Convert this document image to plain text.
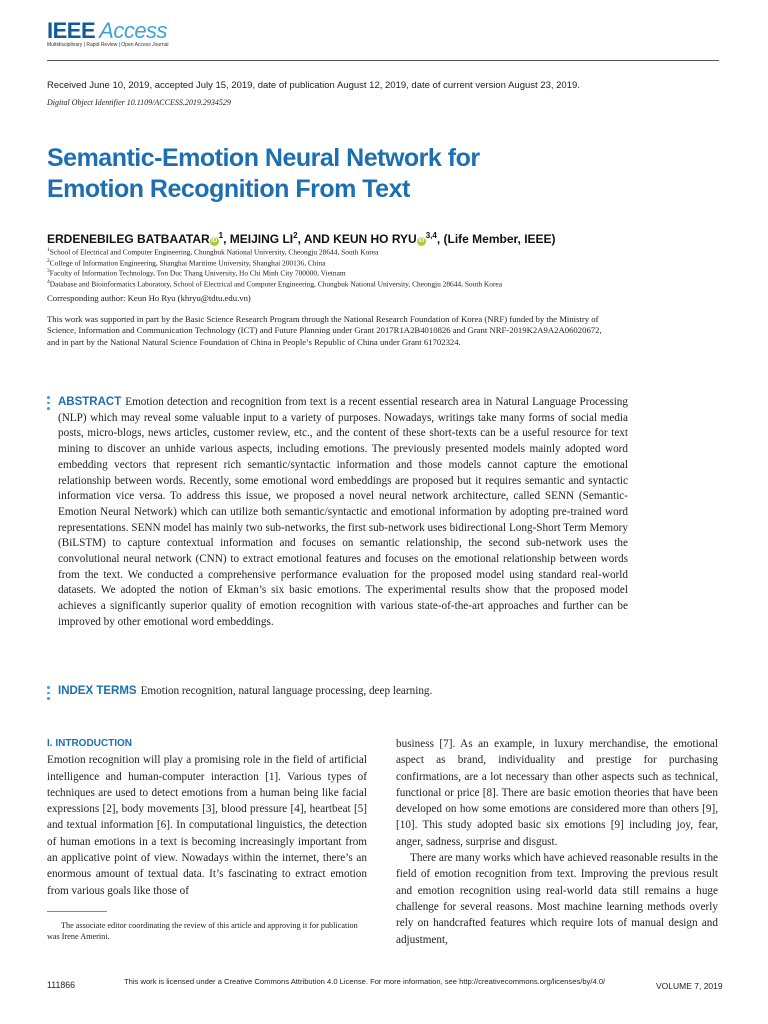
IEEE Access
Multidisciplinary | Rapid Review | Open Access Journal
Received June 10, 2019, accepted July 15, 2019, date of publication August 12, 2019, date of current version August 23, 2019.
Digital Object Identifier 10.1109/ACCESS.2019.2934529
Semantic-Emotion Neural Network for
Emotion Recognition From Text
ERDENEBILEG BATBAATAR $iD^1$, MEIJING $LI^2$, AND KEUN HO RYU iD$^{3,4}$, (Life Member, IEEE)
$^1$School of Electrical and Computer Engineering, Chungbuk National University, Cheongju 28644, South Korea
$^2$College of Information Engineering, Shanghai Maritime University, Shanghai 200136, China
$^3$Faculty of Information Technology, Ton Duc Thang University, Ho Chi Minh City 700000, Vietnam
$^4$Database and Bioinformatics Laboratory, School of Electrical and Computer Engineering, Chungbuk National University, Cheongju 28644, South Korea
Corresponding author: Keun Ho Ryu (khryu@tdtu.edu.vn)
This work was supported in part by the Basic Science Research Program through the National Research Foundation of Korea (NRF) funded by the Ministry of Science, Information and Communication Technology (ICT) and Future Planning under Grant 2017R1A2B4010826 and Grant NRF-2019K2A9A2A06020672, and in part by the National Natural Science Foundation of China in People’s Republic of China under Grant 61702324.
ABSTRACT Emotion detection and recognition from text is a recent essential research area in Natural Language Processing (NLP) which may reveal some valuable input to a variety of purposes. Nowadays, writings take many forms of social media posts, micro-blogs, news articles, customer review, etc., and the content of these short-texts can be a useful resource for text mining to discover an unhide various aspects, including emotions. The previously presented models mainly adopted word embedding vectors that represent rich semantic/syntactic information and those models cannot capture the emotional relationship between words. Recently, some emotional word embeddings are proposed but it requires semantic and syntactic information vice versa. To address this issue, we proposed a novel neural network architecture, called SENN (Semantic-Emotion Neural Network) which can utilize both semantic/syntactic and emotional information by adopting pre-trained word representations. SENN model has mainly two sub-networks, the first sub-network uses bidirectional Long-Short Term Memory (BiLSTM) to capture contextual information and focuses on semantic relationship, the second sub-network uses the convolutional neural network (CNN) to extract emotional features and focuses on the emotional relationship between words from the text. We conducted a comprehensive performance evaluation for the proposed model using standard real-world datasets. We adopted the notion of Ekman’s six basic emotions. The experimental results show that the proposed model achieves a significantly superior quality of emotion recognition with various state-of-the-art approaches and further can be improved by other emotional word embeddings.
INDEX TERMS Emotion recognition, natural language processing, deep learning.
I. INTRODUCTION
Emotion recognition will play a promising role in the field of artificial intelligence and human-computer interaction [1]. Various types of techniques are used to detect emotions from a human being like facial expressions [2], body movements [3], blood pressure [4], heartbeat [5] and textual information [6]. In computational linguistics, the detection of human emotions in a text is becoming increasingly important from an applicative point of view. Nowadays within the internet, there’s an enormous amount of textual data. It’s fascinating to extract emotion from various goals like those of
business [7]. As an example, in luxury merchandise, the emotional aspect as brand, individuality and prestige for purchasing confirmations, are a lot necessary than other aspects such as technical, functional or price [8]. There are basic emotion theories that have been developed on how some emotions are considered more than others [9], [10]. This study adopted basic six emotions [9] including joy, fear, anger, sadness, surprise and disgust.
There are many works which have achieved reasonable results in the field of emotion recognition from text. Improving the previous result and emotion recognition using real-world data still remains a huge challenge for several reasons. Most machine learning methods overly rely on handcrafted features which require lots of manual design and adjustment,
The associate editor coordinating the review of this article and approving it for publication was Irene Amerini.
111866	This work is licensed under a Creative Commons Attribution 4.0 License. For more information, see http://creativecommons.org/licenses/by/4.0/	VOLUME 7, 2019
